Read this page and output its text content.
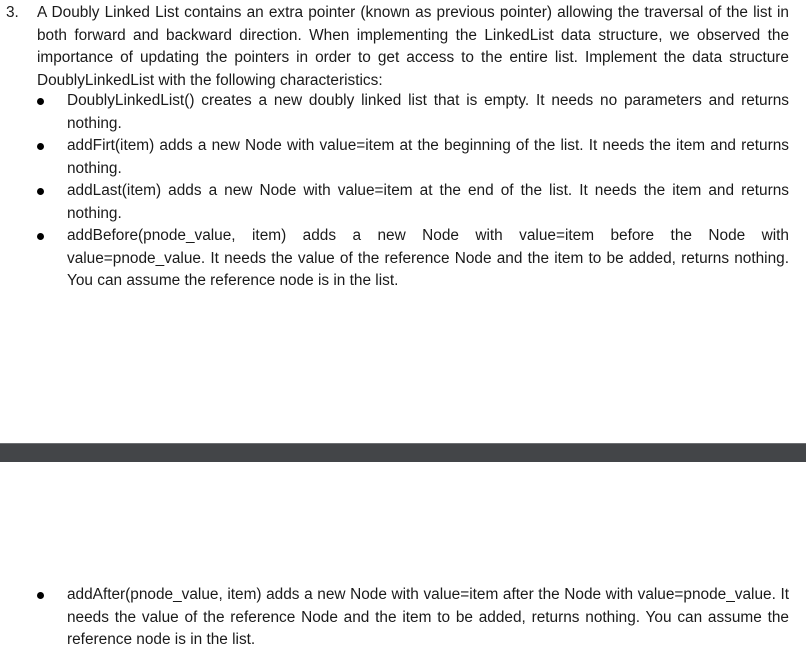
3. A Doubly Linked List contains an extra pointer (known as previous pointer) allowing the traversal of the list in both forward and backward direction. When implementing the LinkedList data structure, we observed the importance of updating the pointers in order to get access to the entire list. Implement the data structure DoublyLinkedList with the following characteristics:
DoublyLinkedList() creates a new doubly linked list that is empty. It needs no parameters and returns nothing.
addFirt(item) adds a new Node with value=item at the beginning of the list. It needs the item and returns nothing.
addLast(item) adds a new Node with value=item at the end of the list. It needs the item and returns nothing.
addBefore(pnode_value, item) adds a new Node with value=item before the Node with value=pnode_value. It needs the value of the reference Node and the item to be added, returns nothing. You can assume the reference node is in the list.
addAfter(pnode_value, item) adds a new Node with value=item after the Node with value=pnode_value. It needs the value of the reference Node and the item to be added, returns nothing. You can assume the reference node is in the list.
